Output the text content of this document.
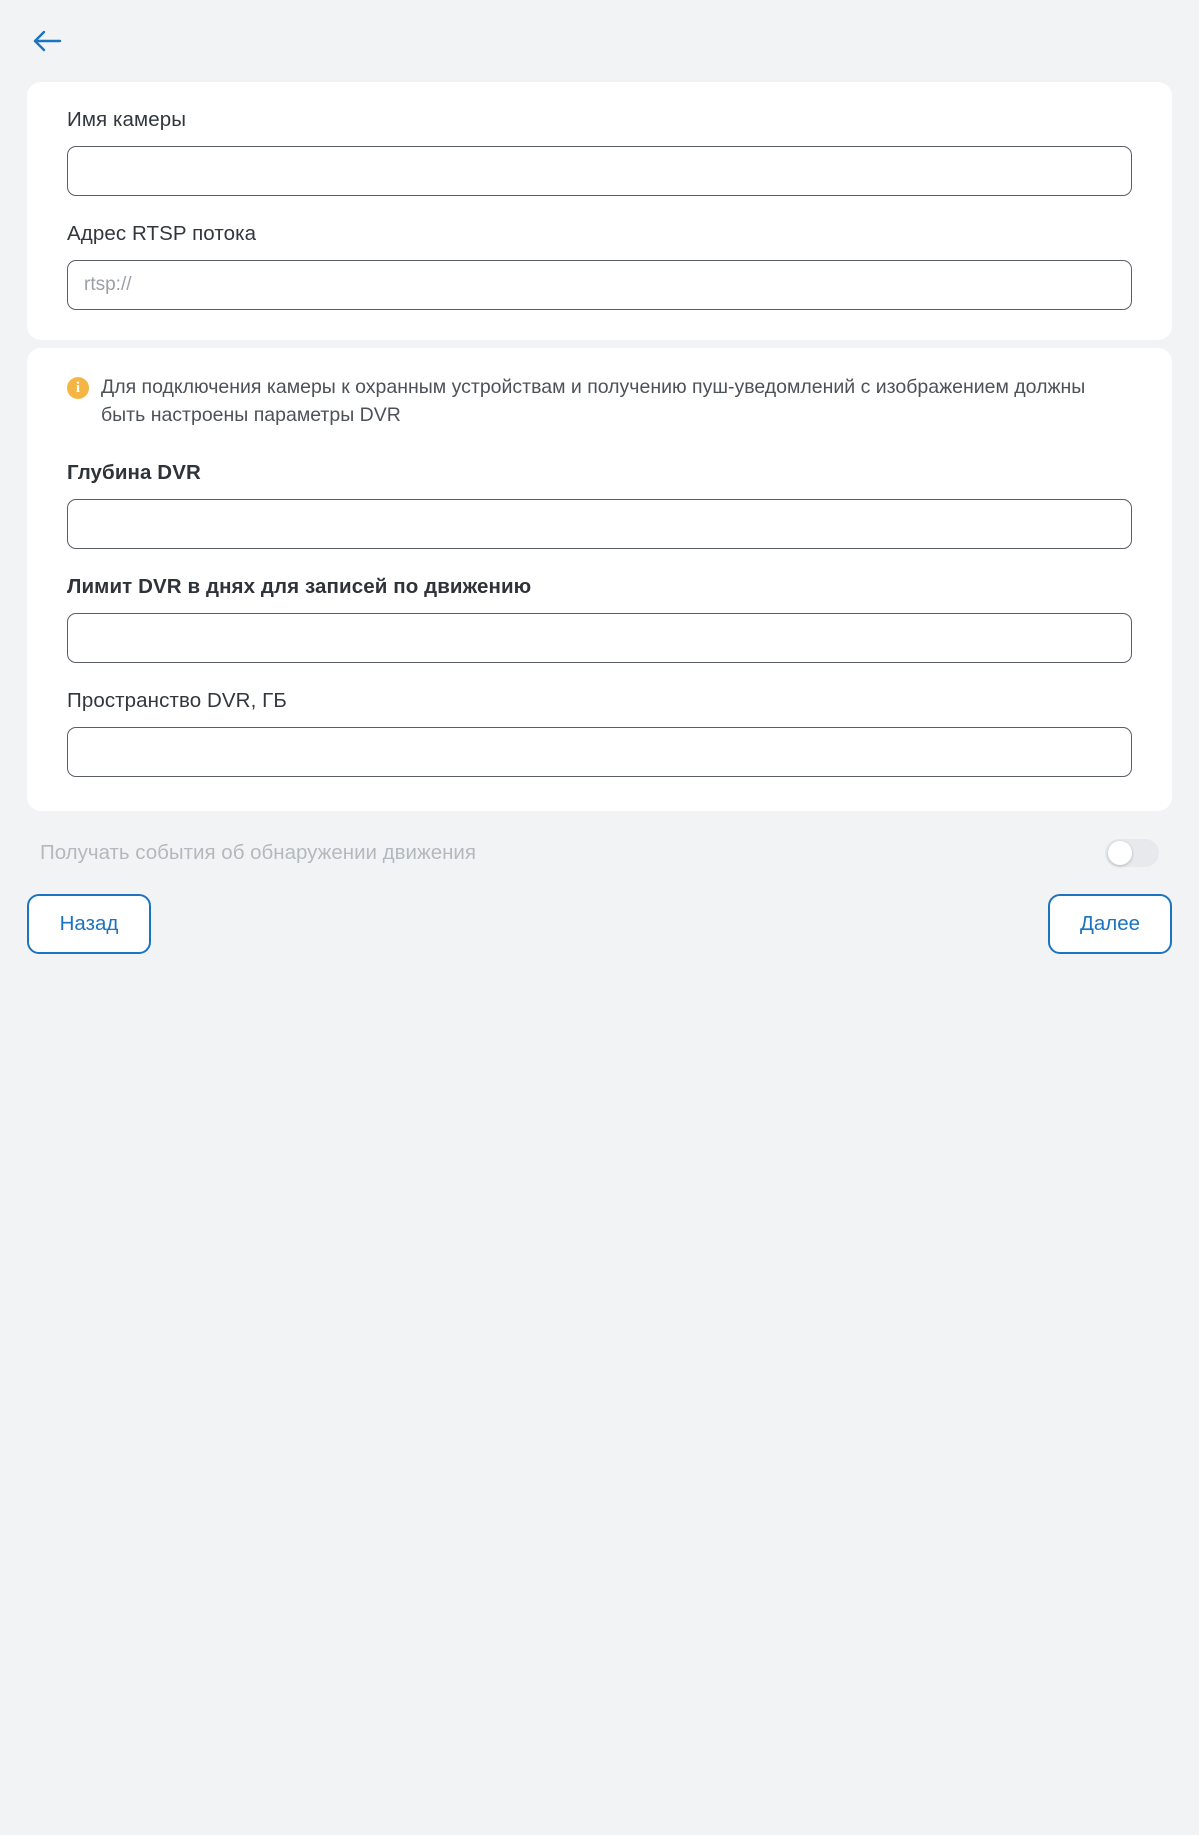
Имя камеры
Адрес RTSP потока
rtsp://
i	Для подключения камеры к охранным устройствам и получению пуш-уведомлений с изображением должны быть настроены параметры DVR
Глубина DVR
Лимит DVR в днях для записей по движению
Пространство DVR, ГБ
Получать события об обнаружении движения
Назад	Далее
